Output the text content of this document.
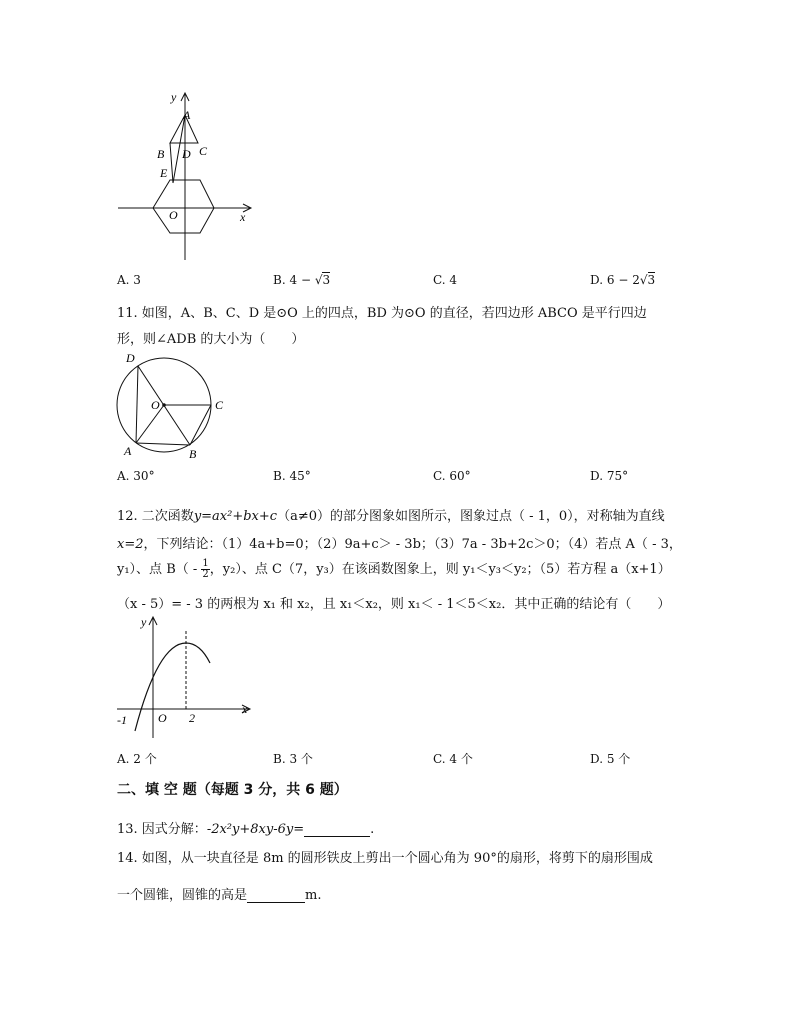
y
x
A
B	C
D
E
O
A. 3	B. 4 − √3	C. 4	D. 6 − 2√3
11. 如图，A、B、C、D 是⊙O 上的四点，BD 为⊙O 的直径，若四边形 ABCO 是平行四边
形，则∠ADB 的大小为（　　）
D
O	C
A	B
A. 30°	B. 45°	C. 60°	D. 75°
12. 二次函数y=ax²+bx+c（a≠0）的部分图象如图所示，图象过点（ - 1，0），对称轴为直线
x=2，下列结论：（1）4a+b=0；（2）9a+c＞ - 3b；（3）7a - 3b+2c＞0；（4）若点 A（ - 3，
y₁）、点 $B( - \frac{1}{2}$ ，y₂）、点 C（7，y₃）在该函数图象上，则 y₁＜y₃＜y₂；（5）若方程 a（x+1）
（x - 5）= - 3 的两根为 x₁ 和 x₂，且 x₁＜x₂，则 x₁＜ - 1＜5＜x₂．其中正确的结论有（　　）
y
x
-1	O 2
A. 2 个	B. 3 个	C. 4 个	D. 5 个
二、填 空 题（每题 3 分，共 6 题）
13. 因式分解：-2x²y+8xy-6y=	.
14. 如图，从一块直径是 8m 的圆形铁皮上剪出一个圆心角为 90°的扇形，将剪下的扇形围成
一个圆锥，圆锥的高是	m.
